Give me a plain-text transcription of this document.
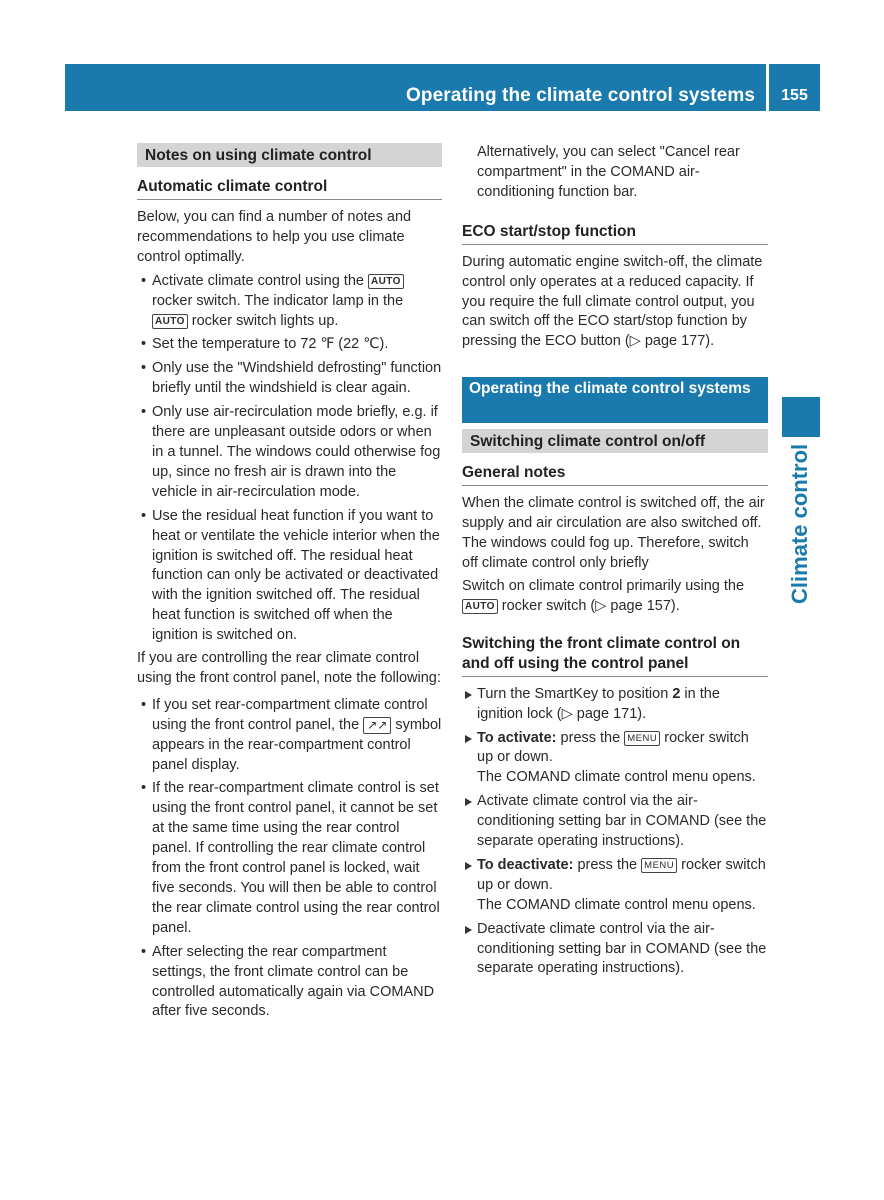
Operating the climate control systems	155
Climate control
Notes on using climate control
Automatic climate control

Below, you can find a number of notes and recommendations to help you use climate control optimally.

• Activate climate control using the AUTO rocker switch. The indicator lamp in the AUTO rocker switch lights up.

• Set the temperature to 72 ℉ (22 ℃).

• Only use the "Windshield defrosting" function briefly until the windshield is clear again.

• Only use air-recirculation mode briefly, e.g. if there are unpleasant outside odors or when in a tunnel. The windows could otherwise fog up, since no fresh air is drawn into the vehicle in air-recirculation mode.

• Use the residual heat function if you want to heat or ventilate the vehicle interior when the ignition is switched off. The residual heat function can only be activated or deactivated with the ignition switched off. The residual heat function is switched off when the ignition is switched on.

If you are controlling the rear climate control using the front control panel, note the following:

• If you set rear-compartment climate control using the front control panel, the ↗↗ symbol appears in the rear-compartment control panel display.

• If the rear-compartment climate control is set using the front control panel, it cannot be set at the same time using the rear control panel. If controlling the rear climate control from the front control panel is locked, wait five seconds. You will then be able to control the rear climate control using the rear control panel.

• After selecting the rear compartment settings, the front climate control can be controlled automatically again via COMAND after five seconds.

Alternatively, you can select "Cancel rear compartment" in the COMAND air-conditioning function bar.

ECO start/stop function

During automatic engine switch-off, the climate control only operates at a reduced capacity. If you require the full climate control output, you can switch off the ECO start/stop function by pressing the ECO button (▷ page 177).

Operating the climate control systems
Switching climate control on/off
General notes

When the climate control is switched off, the air supply and air circulation are also switched off. The windows could fog up. Therefore, switch off climate control only briefly

Switch on climate control primarily using the AUTO rocker switch (▷ page 157).

Switching the front climate control on and off using the control panel

Turn the SmartKey to position 2 in the ignition lock (▷ page 171).

To activate: press the MENU rocker switch up or down.

The COMAND climate control menu opens.

Activate climate control via the air-conditioning setting bar in COMAND (see the separate operating instructions).

To deactivate: press the MENU rocker switch up or down.

The COMAND climate control menu opens.

Deactivate climate control via the air-conditioning setting bar in COMAND (see the separate operating instructions).
